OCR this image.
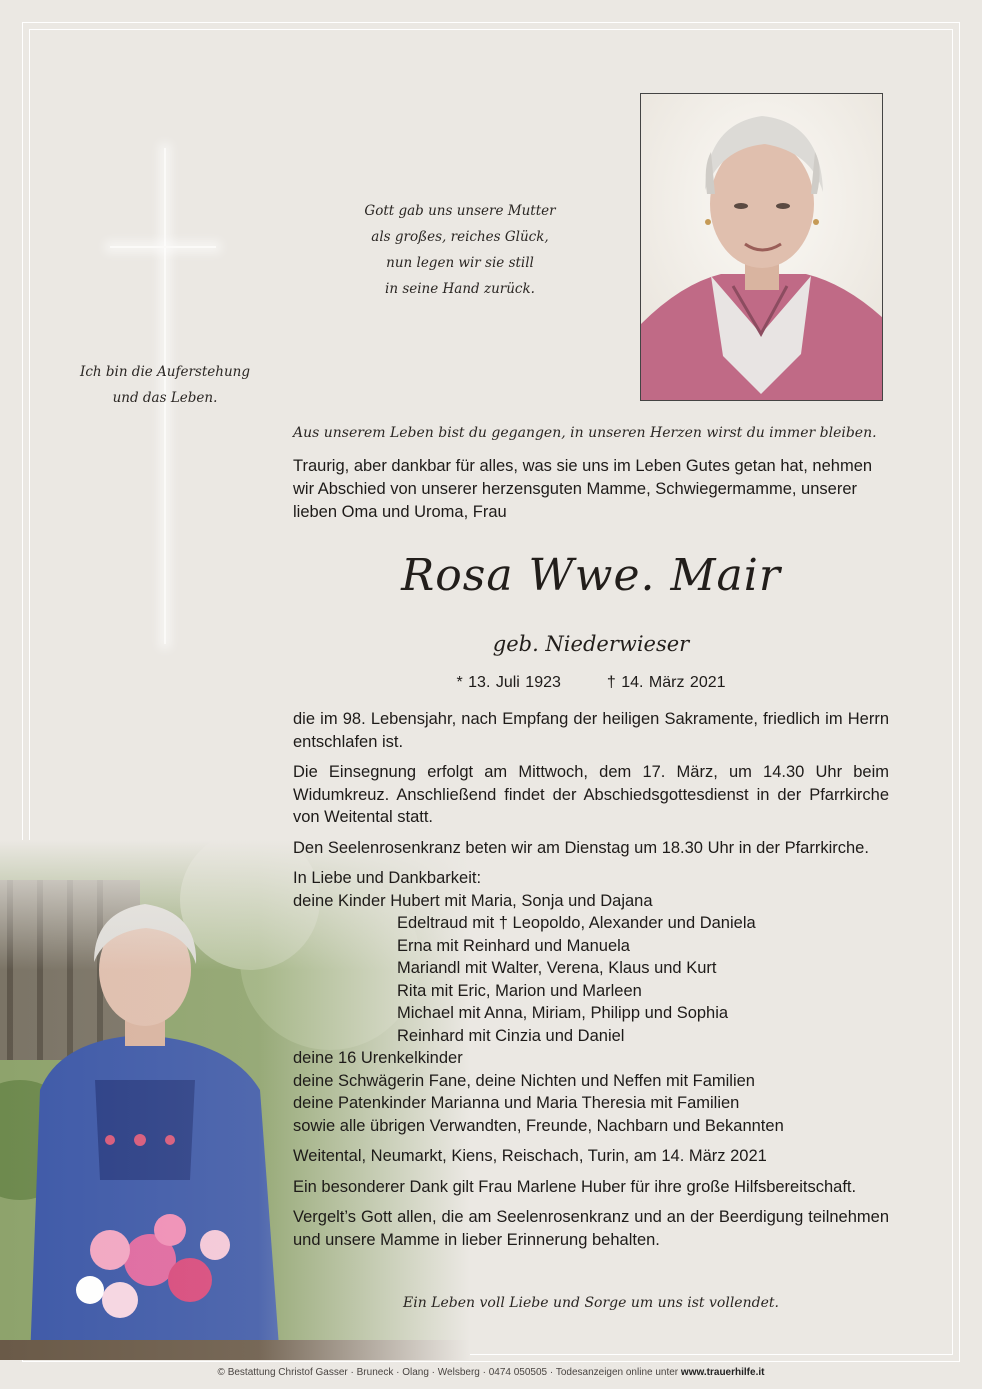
Gott gab uns unsere Mutter
als großes, reiches Glück,
nun legen wir sie still
in seine Hand zurück.
Ich bin die Auferstehung
und das Leben.
Aus unserem Leben bist du gegangen, in unseren Herzen wirst du immer bleiben.
Traurig, aber dankbar für alles, was sie uns im Leben Gutes getan hat, nehmen wir Abschied von unserer herzensguten Mamme, Schwiegermamme, unserer lieben Oma und Uroma, Frau
Rosa Wwe. Mair
geb. Niederwieser
* 13. Juli 1923	† 14. März 2021

die im 98. Lebensjahr, nach Empfang der heiligen Sakramente, friedlich im Herrn entschlafen ist.

Die Einsegnung erfolgt am Mittwoch, dem 17. März, um 14.30 Uhr beim Widumkreuz. Anschließend findet der Abschiedsgottesdienst in der Pfarrkirche von Weitental statt.

Den Seelenrosenkranz beten wir am Dienstag um 18.30 Uhr in der Pfarrkirche.

In Liebe und Dankbarkeit:
deine Kinder Hubert mit Maria, Sonja und Dajana
Edeltraud mit † Leopoldo, Alexander und Daniela
Erna mit Reinhard und Manuela
Mariandl mit Walter, Verena, Klaus und Kurt
Rita mit Eric, Marion und Marleen
Michael mit Anna, Miriam, Philipp und Sophia
Reinhard mit Cinzia und Daniel
deine 16 Urenkelkinder
deine Schwägerin Fane, deine Nichten und Neffen mit Familien
deine Patenkinder Marianna und Maria Theresia mit Familien
sowie alle übrigen Verwandten, Freunde, Nachbarn und Bekannten

Weitental, Neumarkt, Kiens, Reischach, Turin, am 14. März 2021

Ein besonderer Dank gilt Frau Marlene Huber für ihre große Hilfsbereitschaft.

Vergelt’s Gott allen, die am Seelenrosenkranz und an der Beerdigung teilnehmen und unsere Mamme in lieber Erinnerung behalten.

Ein Leben voll Liebe und Sorge um uns ist vollendet.
© Bestattung Christof Gasser · Bruneck · Olang · Welsberg · 0474 050505 · Todesanzeigen online unter www.trauerhilfe.it
